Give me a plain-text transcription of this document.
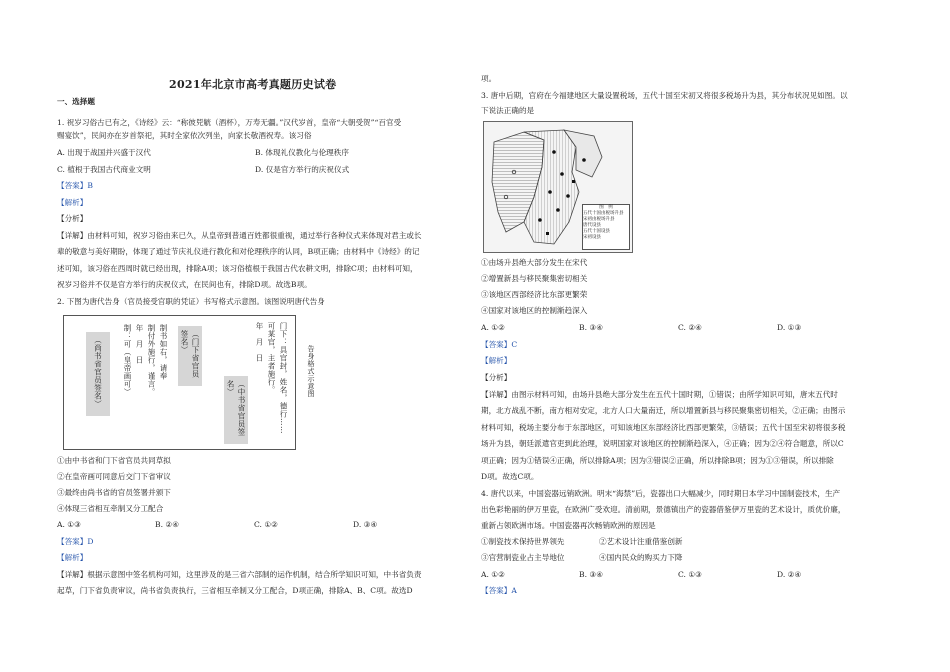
2021年北京市高考真题历史试卷
一、选择题
1. 祝岁习俗古已有之，《诗经》云：“称彼兕觥（酒杯），万寿无疆。”汉代岁首，皇帝“大朝受贺”“百官受
赐宴饮”，民间亦在岁首祭祀，其时全家依次列坐，向家长敬酒祝寿。该习俗
A. 出现于战国并兴盛于汉代	B. 体现礼仪教化与伦理秩序
C. 植根于我国古代商业文明	D. 仅是官方举行的庆祝仪式
【答案】B
【解析】
【分析】
【详解】由材料可知，祝岁习俗由来已久，从皇帝到普通百姓都很重视，通过举行各种仪式来体现对君主或长
辈的敬意与美好期盼，体现了通过节庆礼仪进行教化和对伦理秩序的认同，B项正确；由材料中《诗经》的记
述可知，该习俗在西周时就已经出现，排除A项；该习俗植根于我国古代农耕文明，排除C项；由材料可知，
祝岁习俗并不仅是官方举行的庆祝仪式，在民间也有，排除D项。故选B项。
2. 下图为唐代告身（官员接受官职的凭证）书写格式示意图。该图说明唐代告身
（尚书省官员签名）	制：可（皇帝画可） 年　月　日 制付外施行，谨言。 制书如右，请奉	（门下省官员签名）
（中书省官员签名）
年　月　日 可某官，主者施行。 门下：具官封，姓名，德行……	告身格式示意图
①由中书省和门下省官员共同草拟
②在皇帝画可同意后交门下省审议
③最终由尚书省的官员签署并颁下
④体现三省相互牵制又分工配合
A. ①③	B. ②④	C. ①②	D. ③④
【答案】D
【解析】
【详解】根据示意图中签名机构可知，这里涉及的是三省六部制的运作机制，结合所学知识可知，中书省负责
起草，门下省负责审议，尚书省负责执行，三省相互牵制又分工配合，D项正确，排除A、B、C项。故选D
项。
3. 唐中后期，官府在今福建地区大量设置税场，五代十国至宋初又将很多税场升为县，其分布状况见如图。以
下说法正确的是
图　例
五代十国由税场升县
宋初由税场升县
唐代设县
五代十国设县
宋初设县
①由场升县绝大部分发生在宋代
②增置新县与移民聚集密切相关
③该地区西部经济比东部更繁荣
④国家对该地区的控制渐趋深入
A. ①②	B. ③④	C. ②④	D. ①③
【答案】C
【解析】
【分析】
【详解】由图示材料可知，由场升县绝大部分发生在五代十国时期，①错误；由所学知识可知，唐末五代时
期，北方战乱不断，南方相对安定，北方人口大量南迁，所以增置新县与移民聚集密切相关，②正确；由图示
材料可知，税场主要分布于东部地区，可知该地区东部经济比西部更繁荣，③错误；五代十国至宋初将很多税
场升为县，朝廷派遣官吏到此治理，说明国家对该地区的控制渐趋深入，④正确；因为②④符合题意，所以C
项正确；因为①错误④正确，所以排除A项；因为③错误②正确，所以排除B项；因为①③错误，所以排除
D项。故选C项。
4. 唐代以来，中国瓷器远销欧洲。明末“海禁”后，瓷器出口大幅减少，同时期日本学习中国制瓷技术，生产
出色彩艳丽的伊万里瓷，在欧洲广受欢迎。清前期，景德镇出产的瓷器借鉴伊万里瓷的艺术设计，质优价廉，
重新占领欧洲市场。中国瓷器再次畅销欧洲的原因是
①制瓷技术保持世界领先	②艺术设计注重借鉴创新
③官营制瓷业占主导地位	④国内民众的购买力下降
A. ①②	B. ③④	C. ①③	D. ②④
【答案】A
